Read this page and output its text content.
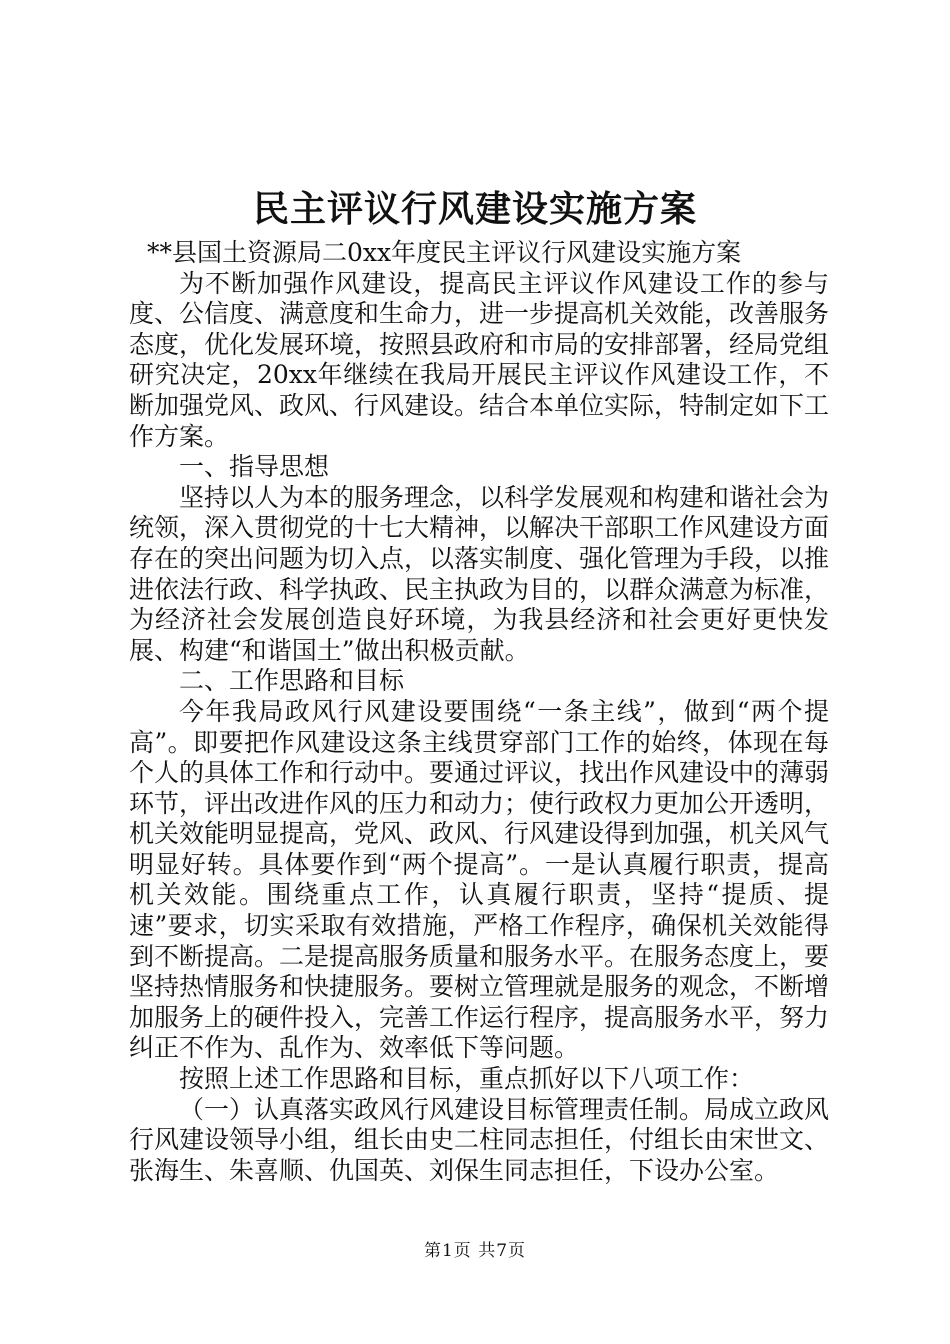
民主评议行风建设实施方案

**县国土资源局二0xx年度民主评议行风建设实施方案

为不断加强作风建设，提高民主评议作风建设工作的参与度、公信度、满意度和生命力，进一步提高机关效能，改善服务态度，优化发展环境，按照县政府和市局的安排部署，经局党组研究决定，20xx年继续在我局开展民主评议作风建设工作，不断加强党风、政风、行风建设。结合本单位实际，特制定如下工作方案。

一、指导思想

坚持以人为本的服务理念，以科学发展观和构建和谐社会为统领，深入贯彻党的十七大精神，以解决干部职工作风建设方面存在的突出问题为切入点，以落实制度、强化管理为手段，以推进依法行政、科学执政、民主执政为目的，以群众满意为标准，为经济社会发展创造良好环境，为我县经济和社会更好更快发展、构建“和谐国土”做出积极贡献。

二、工作思路和目标

今年我局政风行风建设要围绕“一条主线”，做到“两个提高”。即要把作风建设这条主线贯穿部门工作的始终，体现在每个人的具体工作和行动中。要通过评议，找出作风建设中的薄弱环节，评出改进作风的压力和动力；使行政权力更加公开透明，机关效能明显提高，党风、政风、行风建设得到加强，机关风气明显好转。具体要作到“两个提高”。一是认真履行职责，提高机关效能。围绕重点工作，认真履行职责，坚持“提质、提速”要求，切实采取有效措施，严格工作程序，确保机关效能得到不断提高。二是提高服务质量和服务水平。在服务态度上，要坚持热情服务和快捷服务。要树立管理就是服务的观念，不断增加服务上的硬件投入，完善工作运行程序，提高服务水平，努力纠正不作为、乱作为、效率低下等问题。

按照上述工作思路和目标，重点抓好以下八项工作：

（一）认真落实政风行风建设目标管理责任制。局成立政风行风建设领导小组，组长由史二柱同志担任，付组长由宋世文、张海生、朱喜顺、仇国英、刘保生同志担任，下设办公室。

第1页 共7页
